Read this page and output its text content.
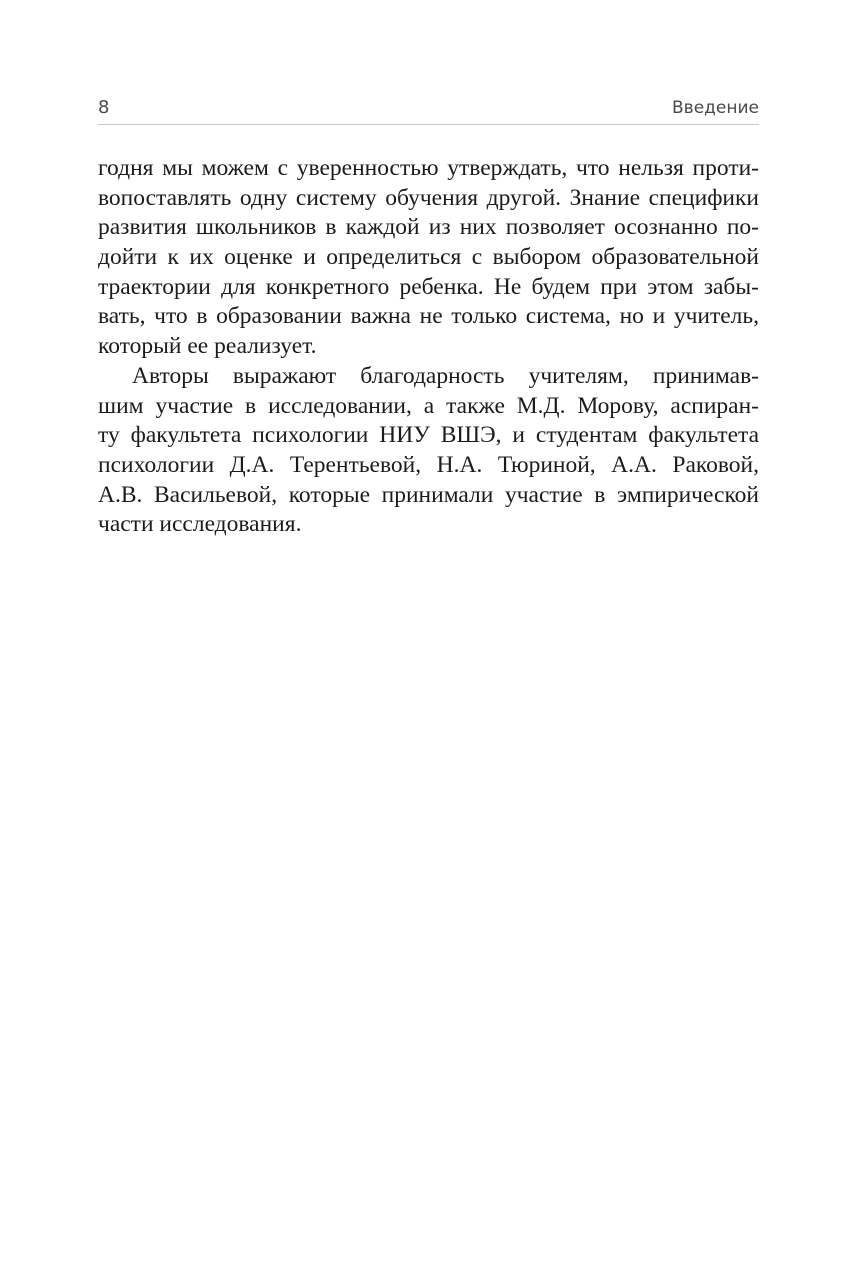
8	Введение
годня мы можем с уверенностью утверждать, что нельзя проти-
вопоставлять одну систему обучения другой. Знание специфики
развития школьников в каждой из них позволяет осознанно по-
дойти к их оценке и определиться с выбором образовательной
траектории для конкретного ребенка. Не будем при этом забы-
вать, что в образовании важна не только система, но и учитель,
который ее реализует.
Авторы выражают благодарность учителям, принимав-
шим участие в исследовании, а также М.Д. Морову, аспиран-
ту факультета психологии НИУ ВШЭ, и студентам факультета
психологии Д.А. Терентьевой, Н.А. Тюриной, А.А. Раковой,
А.В. Васильевой, которые принимали участие в эмпирической
части исследования.
